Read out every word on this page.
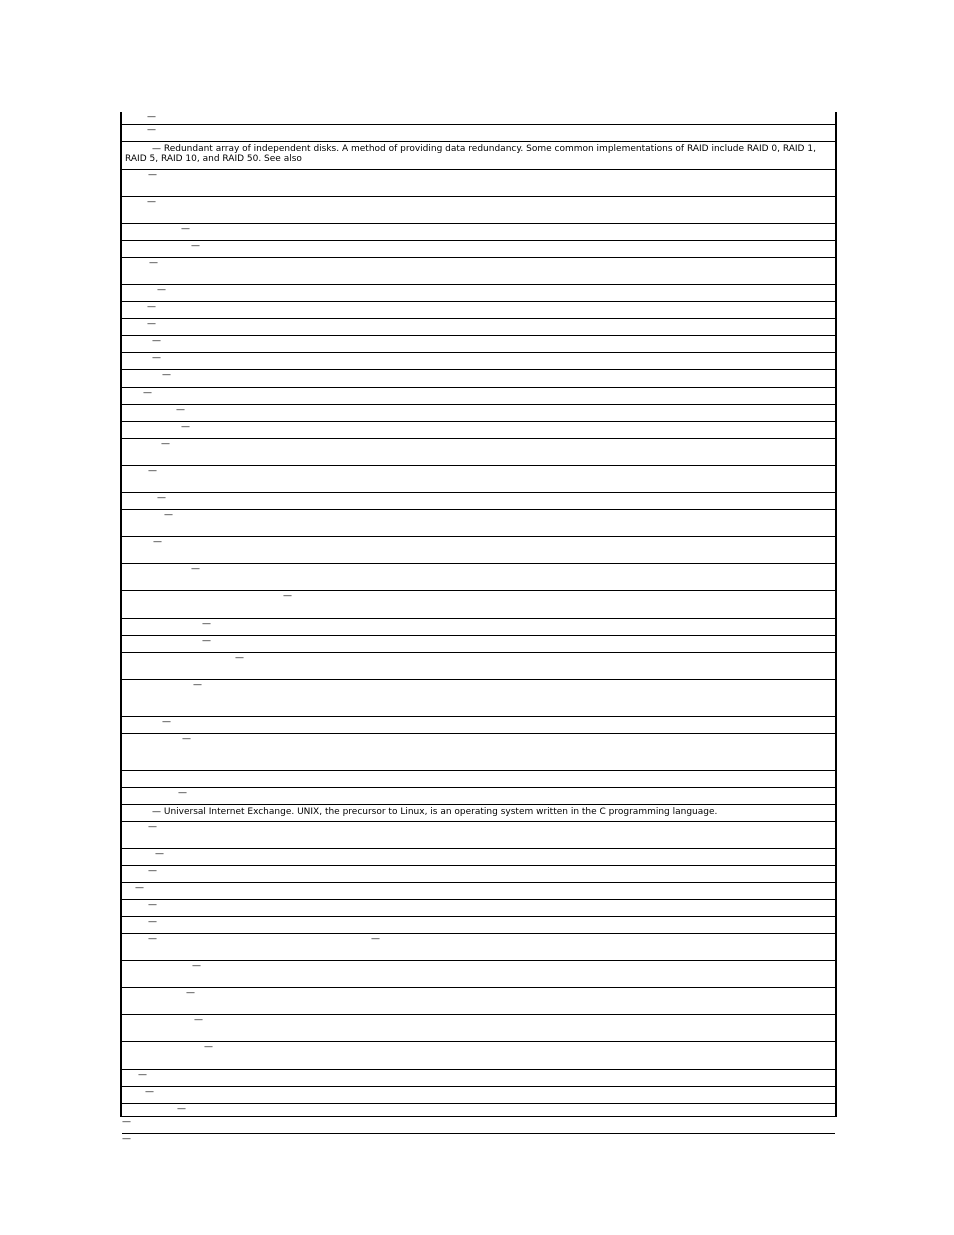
—
—
— Redundant array of independent disks. A method of providing data redundancy. Some common implementations of RAID include RAID 0, RAID 1, RAID 5, RAID 10, and RAID 50. See also
—
—
—
—
—
—
—
—
—
—
—
—
—
—
—
—
—
—
—
—
—
—
—
—
—
—
—
—
— Universal Internet Exchange. UNIX, the precursor to Linux, is an operating system written in the C programming language.
—
—
—
—
—
—
—	—
—
—
—
—
—
—
—
—
—
